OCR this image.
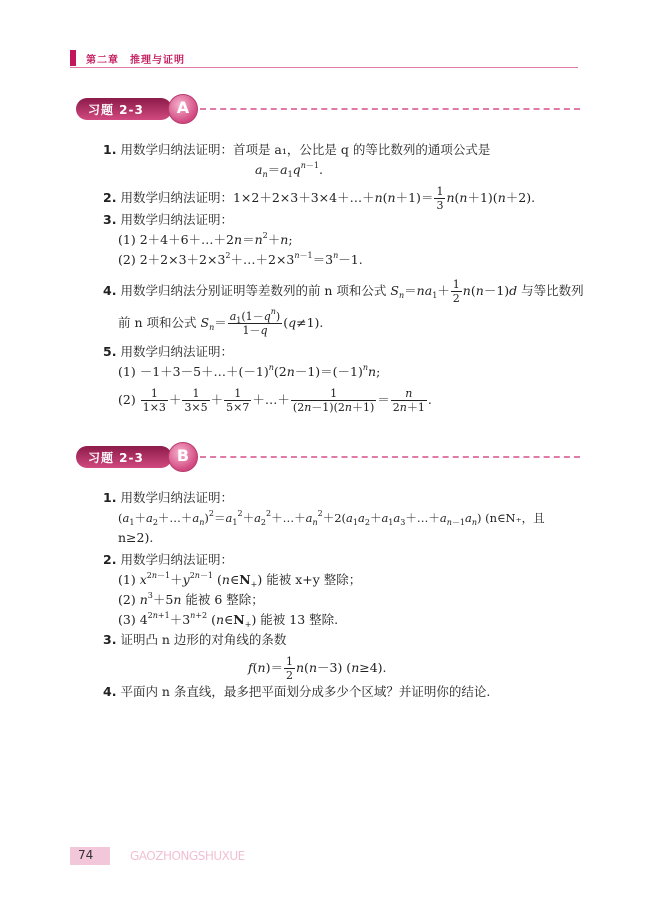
第二章　推理与证明
习题 2-3	A
1. 用数学归纳法证明：首项是 a₁，公比是 q 的等比数列的通项公式是
$a_n=a_1q^{n-1}$.
2. 用数学归纳法证明：1×2＋2×3＋3×4＋…＋n(n＋1)＝ $\frac{1}{3} n(n+1)(n+2)$.
3. 用数学归纳法证明：
(1) $2+4+6+\dots+2n=n^2+n$;
(2) $2+2\times 3+2\times 3^2+\dots+2\times 3^{n-1}=3^n-1$.
4. 用数学归纳法分别证明等差数列的前 n 项和公式 $S_n=na_1+ \frac{1}{2} n(n-1)d$ 与等比数列
前 n 项和公式 $S_n= \frac{a_1(1-q^n)}{1-q} (q\ne 1)$.
5. 用数学归纳法证明：
$(1) -1+3-5+\dots+(-1)^n(2n-1)=(-1)^nn$;
$(2) \frac{1}{1\times 3} + \frac{1}{3\times 5} + \frac{1}{5\times 7}$ ＋…＋ $\frac{1}{(2n-1)(2n+1)} = \frac{n}{2n+1}$ .
习题 2-3	B
1. 用数学归纳法证明：
$(a_1+a_2+\dots+a_n)^2=a_1^2+a_2^2+\dots+a_n^2+2(a_1a_2+a_1a_3+\dots+a_{n-1}a_n)$ (n∈N₊，且
n≥2).
2. 用数学归纳法证明：
(1) $x^{2n-1}+y^{2n-1}$ $(n\in N_+)$ 能被 x+y 整除；
(2) $n^3+5n$ 能被 6 整除；
(3) $4^{2n+1}+3^{n+2}$ $(n\in N_+)$ 能被 13 整除.
3. 证明凸 n 边形的对角线的条数
$f(n)= \frac{1}{2} n(n-3)$ (n≥4).
4. 平面内 n 条直线，最多把平面划分成多少个区域？并证明你的结论.
74	GAOZHONGSHUXUE
